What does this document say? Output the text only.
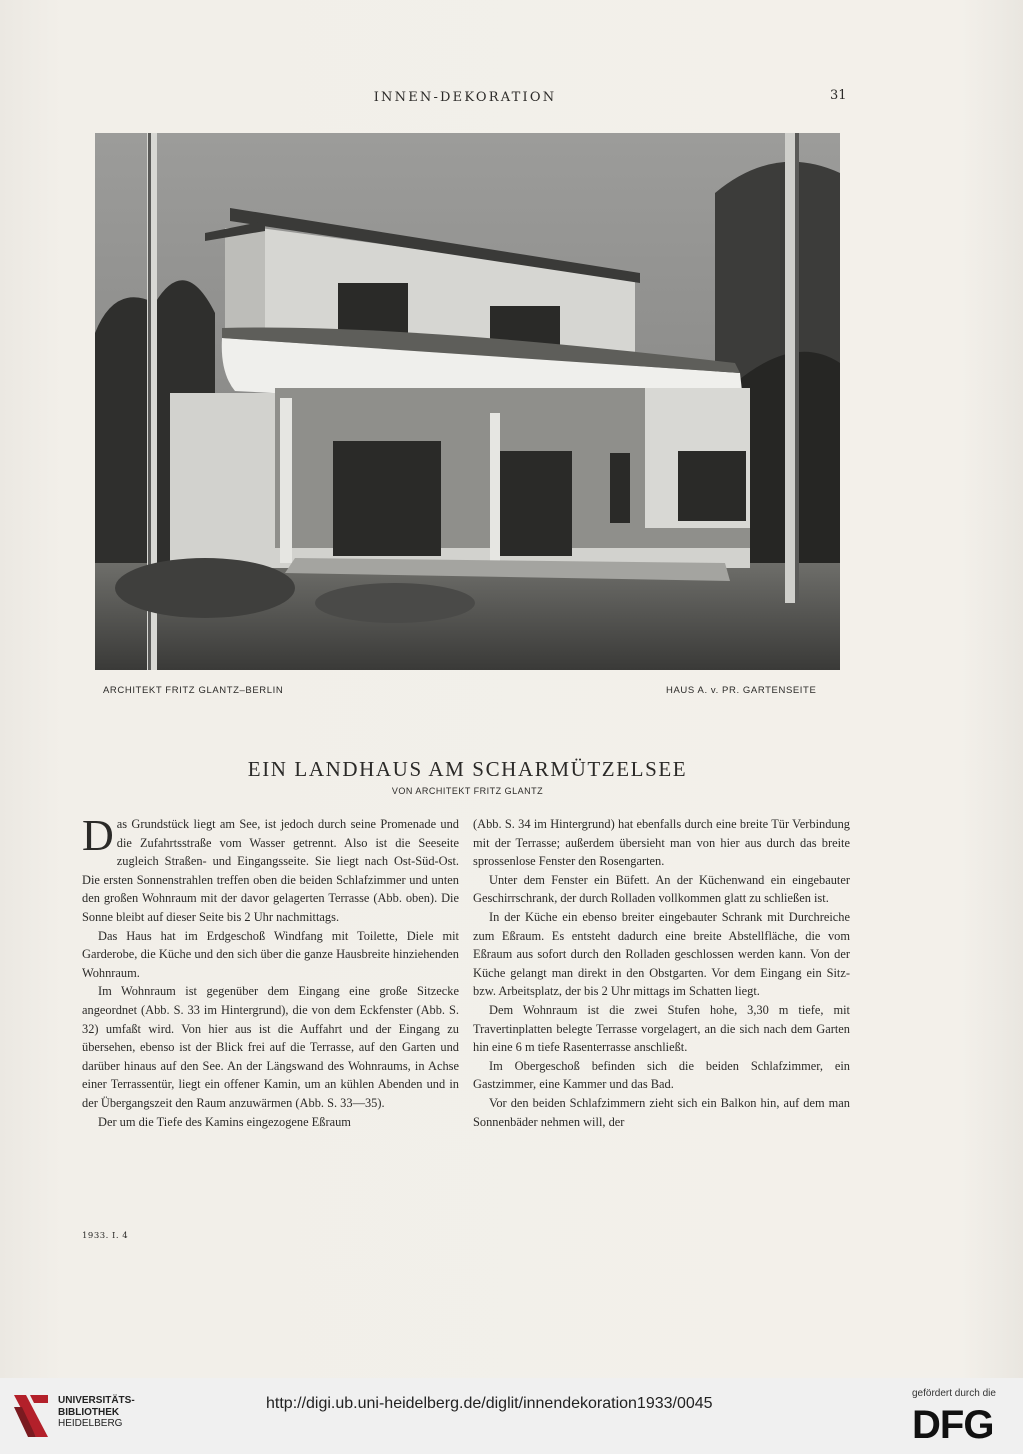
INNEN-DEKORATION	31
ARCHITEKT FRITZ GLANTZ–BERLIN	HAUS A. v. PR. GARTENSEITE
EIN LANDHAUS AM SCHARMÜTZELSEE
VON ARCHITEKT FRITZ GLANTZ

Das Grundstück liegt am See, ist jedoch durch seine Promenade und die Zufahrtsstraße vom Wasser getrennt. Also ist die Seeseite zugleich Straßen- und Eingangsseite. Sie liegt nach Ost-Süd-Ost. Die ersten Sonnenstrahlen treffen oben die beiden Schlafzimmer und unten den großen Wohnraum mit der davor gelagerten Terrasse (Abb. oben). Die Sonne bleibt auf dieser Seite bis 2 Uhr nachmittags.

Das Haus hat im Erdgeschoß Windfang mit Toilette, Diele mit Garderobe, die Küche und den sich über die ganze Hausbreite hinziehenden Wohnraum.

Im Wohnraum ist gegenüber dem Eingang eine große Sitzecke angeordnet (Abb. S. 33 im Hintergrund), die von dem Eckfenster (Abb. S. 32) umfaßt wird. Von hier aus ist die Auffahrt und der Eingang zu übersehen, ebenso ist der Blick frei auf die Terrasse, auf den Garten und darüber hinaus auf den See. An der Längswand des Wohnraums, in Achse einer Terrassentür, liegt ein offener Kamin, um an kühlen Abenden und in der Übergangszeit den Raum anzuwärmen (Abb. S. 33—35).

Der um die Tiefe des Kamins eingezogene Eßraum

(Abb. S. 34 im Hintergrund) hat ebenfalls durch eine breite Tür Verbindung mit der Terrasse; außerdem übersieht man von hier aus durch das breite sprossenlose Fenster den Rosengarten.

Unter dem Fenster ein Büfett. An der Küchenwand ein eingebauter Geschirrschrank, der durch Rolladen vollkommen glatt zu schließen ist.

In der Küche ein ebenso breiter eingebauter Schrank mit Durchreiche zum Eßraum. Es entsteht dadurch eine breite Abstellfläche, die vom Eßraum aus sofort durch den Rolladen geschlossen werden kann. Von der Küche gelangt man direkt in den Obstgarten. Vor dem Eingang ein Sitz- bzw. Arbeitsplatz, der bis 2 Uhr mittags im Schatten liegt.

Dem Wohnraum ist die zwei Stufen hohe, 3,30 m tiefe, mit Travertinplatten belegte Terrasse vorgelagert, an die sich nach dem Garten hin eine 6 m tiefe Rasenterrasse anschließt.

Im Obergeschoß befinden sich die beiden Schlafzimmer, ein Gastzimmer, eine Kammer und das Bad.

Vor den beiden Schlafzimmern zieht sich ein Balkon hin, auf dem man Sonnenbäder nehmen will, der

1933. I. 4
UNIVERSITÄTS-
BIBLIOTHEK
HEIDELBERG
http://digi.ub.uni-heidelberg.de/diglit/innendekoration1933/0045
gefördert durch die
DFG
